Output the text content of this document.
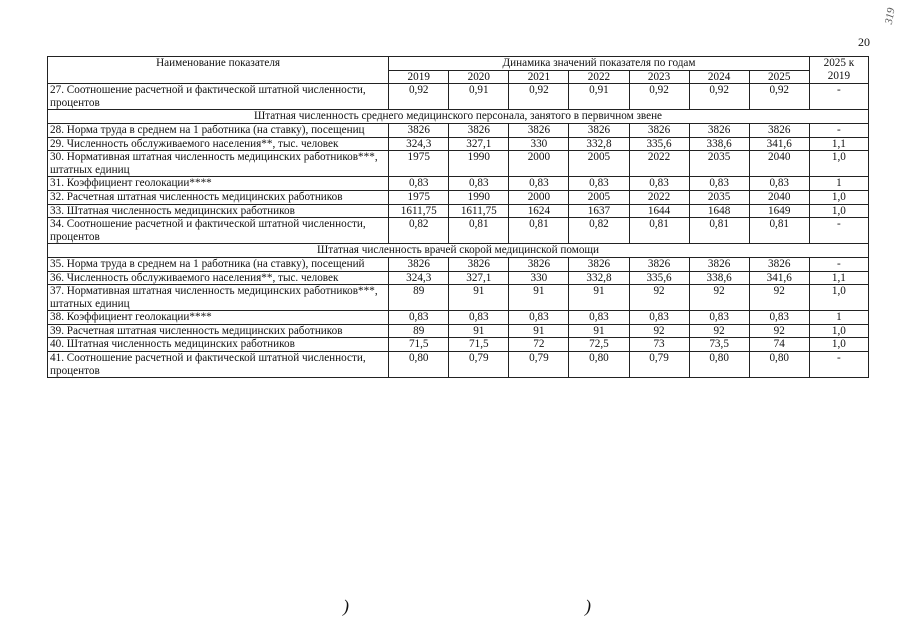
319
20
Наименование показателя	Динамика значений показателя по годам							2025 к 2019
	2019	2020	2021	2022	2023	2024	2025	
27. Соотношение расчетной и фактической штатной численности, процентов	0,92	0,91	0,92	0,91	0,92	0,92	0,92	-
Штатная численность среднего медицинского персонала, занятого в первичном звене								
28. Норма труда в среднем на 1 работника (на ставку), посещениц	3826	3826	3826	3826	3826	3826	3826	-
29. Численность обслуживаемого населения**, тыс. человек	324,3	327,1	330	332,8	335,6	338,6	341,6	1,1
30. Нормативная штатная численность медицинских работников***, штатных единиц	1975	1990	2000	2005	2022	2035	2040	1,0
31. Коэффициент геолокации****	0,83	0,83	0,83	0,83	0,83	0,83	0,83	1
32. Расчетная штатная численность медицинских работников	1975	1990	2000	2005	2022	2035	2040	1,0
33. Штатная численность медицинских работников	1611,75	1611,75	1624	1637	1644	1648	1649	1,0
34. Соотношение расчетной и фактической штатной численности, процентов	0,82	0,81	0,81	0,82	0,81	0,81	0,81	-
Штатная численность врачей скорой медицинской помощи								
35. Норма труда в среднем на 1 работника (на ставку), посещений	3826	3826	3826	3826	3826	3826	3826	-
36. Численность обслуживаемого населения**, тыс. человек	324,3	327,1	330	332,8	335,6	338,6	341,6	1,1
37. Нормативная штатная численность медицинских работников***, штатных единиц	89	91	91	91	92	92	92	1,0
38. Коэффициент геолокации****	0,83	0,83	0,83	0,83	0,83	0,83	0,83	1
39. Расчетная штатная численность медицинских работников	89	91	91	91	92	92	92	1,0
40. Штатная численность медицинских работников	71,5	71,5	72	72,5	73	73,5	74	1,0
41. Соотношение расчетной и фактической штатной численности, процентов	0,80	0,79	0,79	0,80	0,79	0,80	0,80	-
)	)
